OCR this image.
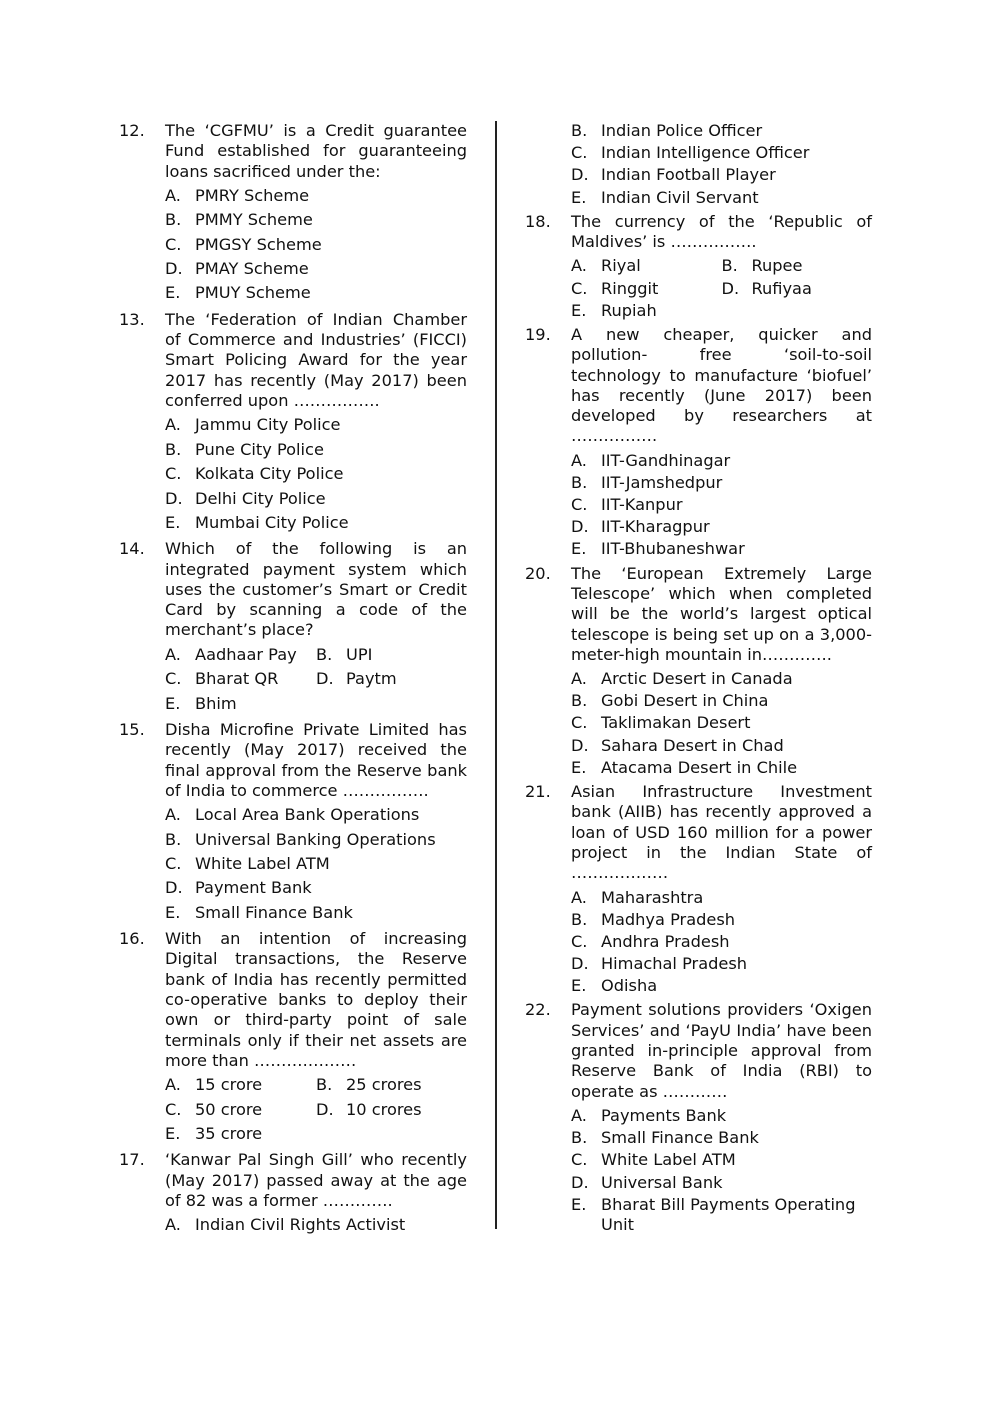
12. The ‘CGFMU’ is a Credit guarantee Fund established for guaranteeing loans sacrificed under the:
A. PMRY Scheme
B. PMMY Scheme
C. PMGSY Scheme
D. PMAY Scheme
E. PMUY Scheme
13. The ‘Federation of Indian Chamber of Commerce and Industries’ (FICCI) Smart Policing Award for the year 2017 has recently (May 2017) been conferred upon …………….
A. Jammu City Police
B. Pune City Police
C. Kolkata City Police
D. Delhi City Police
E. Mumbai City Police
14. Which of the following is an integrated payment system which uses the customer’s Smart or Credit Card by scanning a code of the merchant’s place?
A. Aadhaar Pay	B. UPI
C. Bharat QR	D. Paytm
E. Bhim
15. Disha Microfine Private Limited has recently (May 2017) received the final approval from the Reserve bank of India to commerce …………….
A. Local Area Bank Operations
B. Universal Banking Operations
C. White Label ATM
D. Payment Bank
E. Small Finance Bank
16. With an intention of increasing Digital transactions, the Reserve bank of India has recently permitted co-operative banks to deploy their own or third-party point of sale terminals only if their net assets are more than ……….………
A. 15 crore	B. 25 crores
C. 50 crore	D. 10 crores
E. 35 crore
17. ‘Kanwar Pal Singh Gill’ who recently (May 2017) passed away at the age of 82 was a former ………….
A. Indian Civil Rights Activist
B. Indian Police Officer
C. Indian Intelligence Officer
D. Indian Football Player
E. Indian Civil Servant
18. The currency of the ‘Republic of Maldives’ is …………….
A. Riyal	B. Rupee
C. Ringgit	D. Rufiyaa
E. Rupiah
19. A new cheaper, quicker and pollution- free ‘soil-to-soil technology to manufacture ‘biofuel’ has recently (June 2017) been developed by researchers at …………….
A. IIT-Gandhinagar
B. IIT-Jamshedpur
C. IIT-Kanpur
D. IIT-Kharagpur
E. IIT-Bhubaneshwar
20. The ‘European Extremely Large Telescope’ which when completed will be the world’s largest optical telescope is being set up on a 3,000-meter-high mountain in………….
A. Arctic Desert in Canada
B. Gobi Desert in China
C. Taklimakan Desert
D. Sahara Desert in Chad
E. Atacama Desert in Chile
21. Asian Infrastructure Investment bank (AIIB) has recently approved a loan of USD 160 million for a power project in the Indian State of ………………
A. Maharashtra
B. Madhya Pradesh
C. Andhra Pradesh
D. Himachal Pradesh
E. Odisha
22. Payment solutions providers ‘Oxigen Services’ and ‘PayU India’ have been granted in-principle approval from Reserve Bank of India (RBI) to operate as …………
A. Payments Bank
B. Small Finance Bank
C. White Label ATM
D. Universal Bank
E. Bharat Bill Payments Operating Unit
